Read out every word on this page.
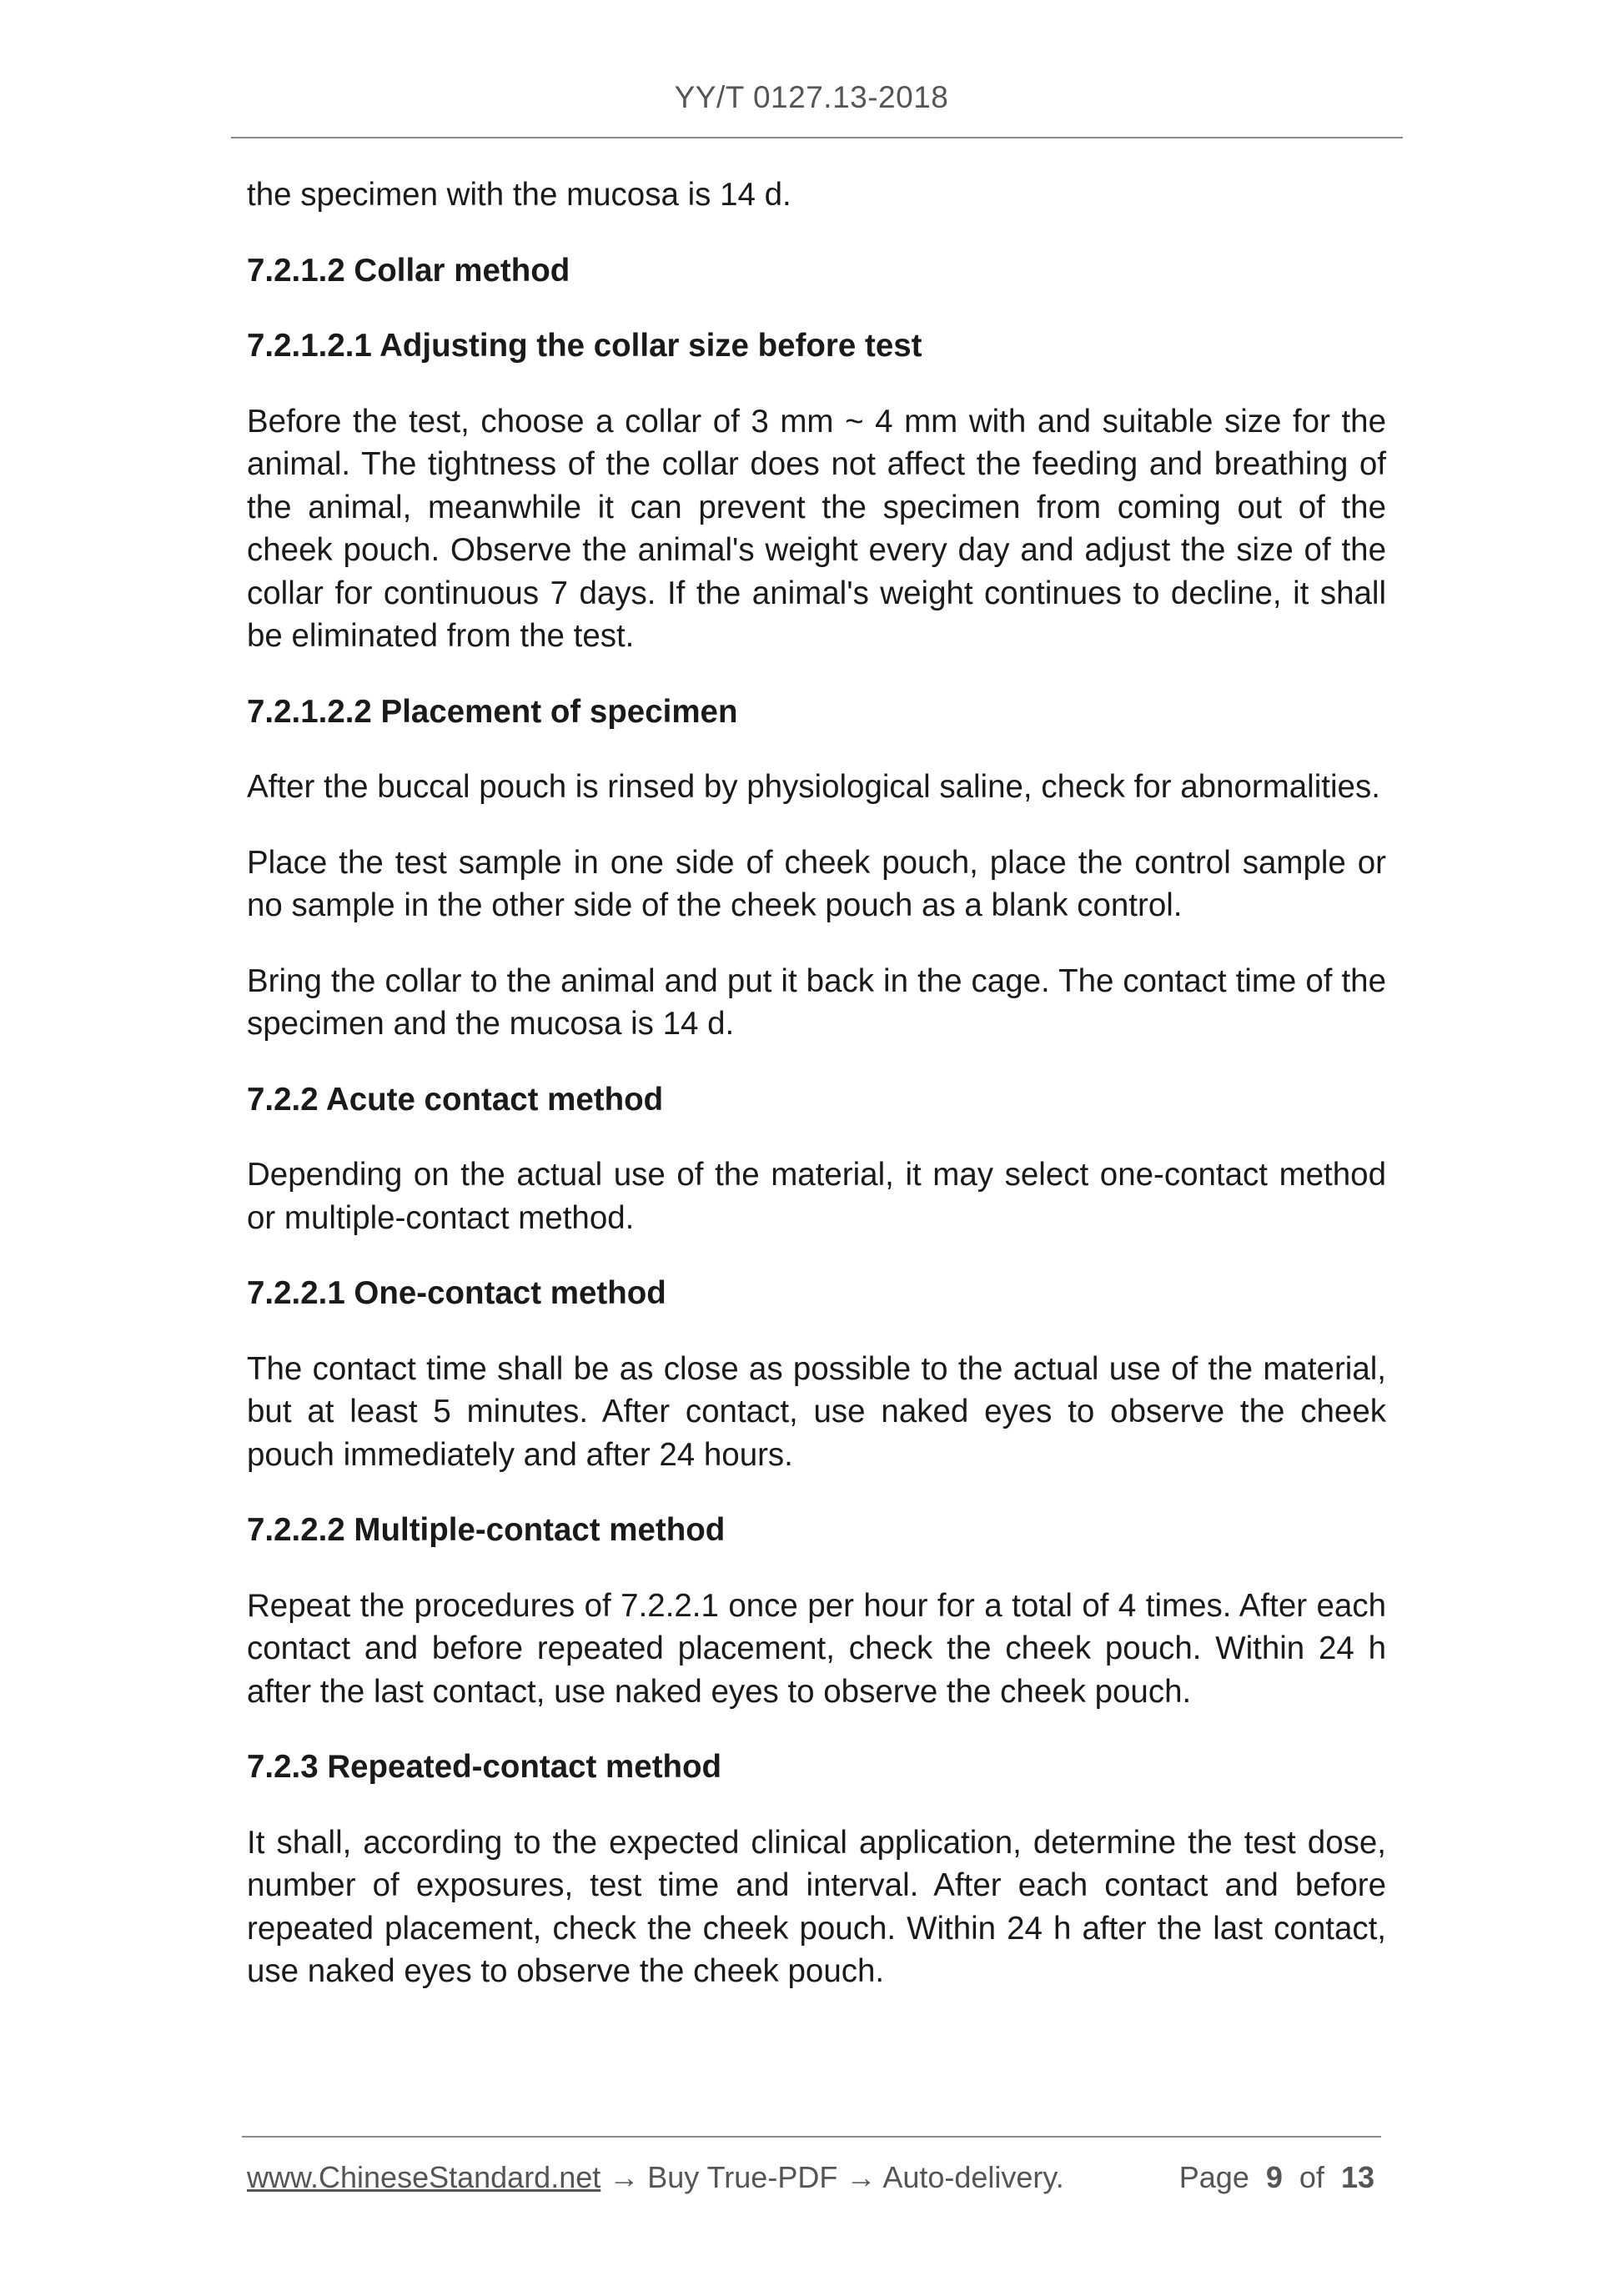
YY/T 0127.13-2018

the specimen with the mucosa is 14 d.

7.2.1.2 Collar method

7.2.1.2.1 Adjusting the collar size before test

Before the test, choose a collar of 3 mm ~ 4 mm with and suitable size for the animal. The tightness of the collar does not affect the feeding and breathing of the animal, meanwhile it can prevent the specimen from coming out of the cheek pouch. Observe the animal's weight every day and adjust the size of the collar for continuous 7 days. If the animal's weight continues to decline, it shall be eliminated from the test.

7.2.1.2.2 Placement of specimen

After the buccal pouch is rinsed by physiological saline, check for abnormalities.

Place the test sample in one side of cheek pouch, place the control sample or no sample in the other side of the cheek pouch as a blank control.

Bring the collar to the animal and put it back in the cage. The contact time of the specimen and the mucosa is 14 d.

7.2.2 Acute contact method

Depending on the actual use of the material, it may select one-contact method or multiple-contact method.

7.2.2.1 One-contact method

The contact time shall be as close as possible to the actual use of the material, but at least 5 minutes. After contact, use naked eyes to observe the cheek pouch immediately and after 24 hours.

7.2.2.2 Multiple-contact method

Repeat the procedures of 7.2.2.1 once per hour for a total of 4 times. After each contact and before repeated placement, check the cheek pouch. Within 24 h after the last contact, use naked eyes to observe the cheek pouch.

7.2.3 Repeated-contact method

It shall, according to the expected clinical application, determine the test dose, number of exposures, test time and interval. After each contact and before repeated placement, check the cheek pouch. Within 24 h after the last contact, use naked eyes to observe the cheek pouch.

www.ChineseStandard.net → Buy True-PDF → Auto-delivery.	Page 9 of 13
